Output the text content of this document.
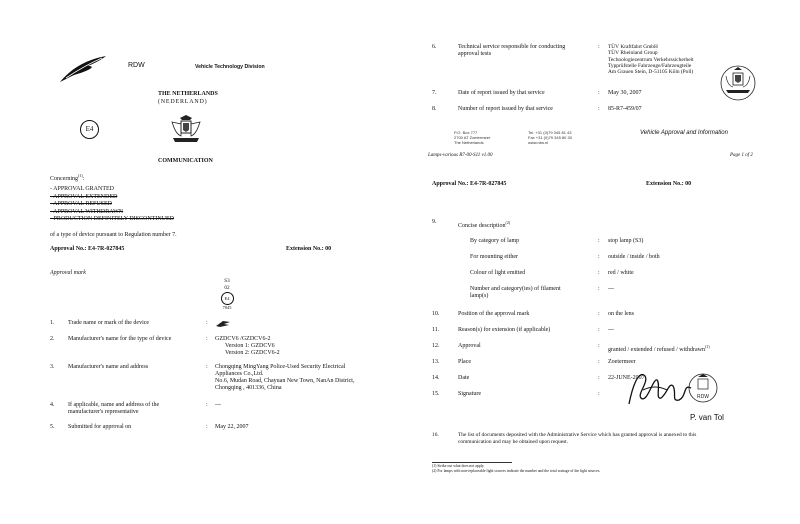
RDW	Vehicle Technology Division
THE NETHERLANDS
(NEDERLAND)
E4
COMMUNICATION
Concerning$^{(1)}$:
- APPROVAL GRANTED
- APPROVAL EXTENDED
- APPROVAL REFUSED
- APPROVAL WITHDRAWN
- PRODUCTION DEFINITELY DISCONTINUED
of a type of device pursuant to Regulation number 7.
Approval No.: E4-7R-027845	Extension No.: 00
Approval mark
S3
02
E4
7845
1. Trade name or mark of the device	:
2. Manufacturer's name for the type of device	: GZDCV6 /GZDCV6-2
Version 1: GZDCV6
Version 2: GZDCV6-2
3. Manufacturer's name and address	: Chongqing MingYang Police-Used Security Electrical
Appliances Co.,Ltd.
No.6, Mudan Road, Chayuan New Town, NanAn District,
Chongqing , 401336, China
4. If applicable, name and address of the
manufacturer's representative
: ---
5. Submitted for approval on	: May 22, 2007
6.	Technical service responsible for conducting
approval tests
: TÜV Kraftfahrt GmbH
TÜV Rheinland Group
Technologiezentrum Verkehrssicherheit
Typprüfstelle Fahrzeuge/Fahrzeugteile
Am Grauen Stein, D-51105 Köln (Poll)
7.	Date of report issued by that service	: May 30, 2007
8.	Number of report issued by that service	: 85-R7-459/07
P.O. Box 777
2700 AT Zoetermeer
The Netherlands
Tel. +31 (0)79 345 81 43
Fax +31 (0)79 345 80 30
www.rdw.nl
Vehicle Approval and Information
Lamps-various R7-00-S11 v1.00	Page 1 of 2
Approval No.: E4-7R-027845	Extension No.: 00
9.
Concise description$^{(2)}$
By category of lamp	: stop lamp (S3)
For mounting either	: outside / inside / both
Colour of light emitted	: red / white
Number and category(ies) of filament
lamp(s)
: ---
10.	Position of the approval mark	: on the lens
11.	Reason(s) for extension (if applicable)	: ---
12.	Approval	:
granted / extended / refused / withdrawn$^{(1)}$
13.	Place	: Zoetermeer
14.	Date	: 22-JUNE-2007
15.	Signature	:	RDW
P. van Tol
16.	The list of documents deposited with the Administrative Service which has granted approval is annexed to this
communication and may be obtained upon request.
(1) Strike out what does not apply.
(2) For lamps with non-replaceable light sources indicate the number and the total wattage of the light sources.
